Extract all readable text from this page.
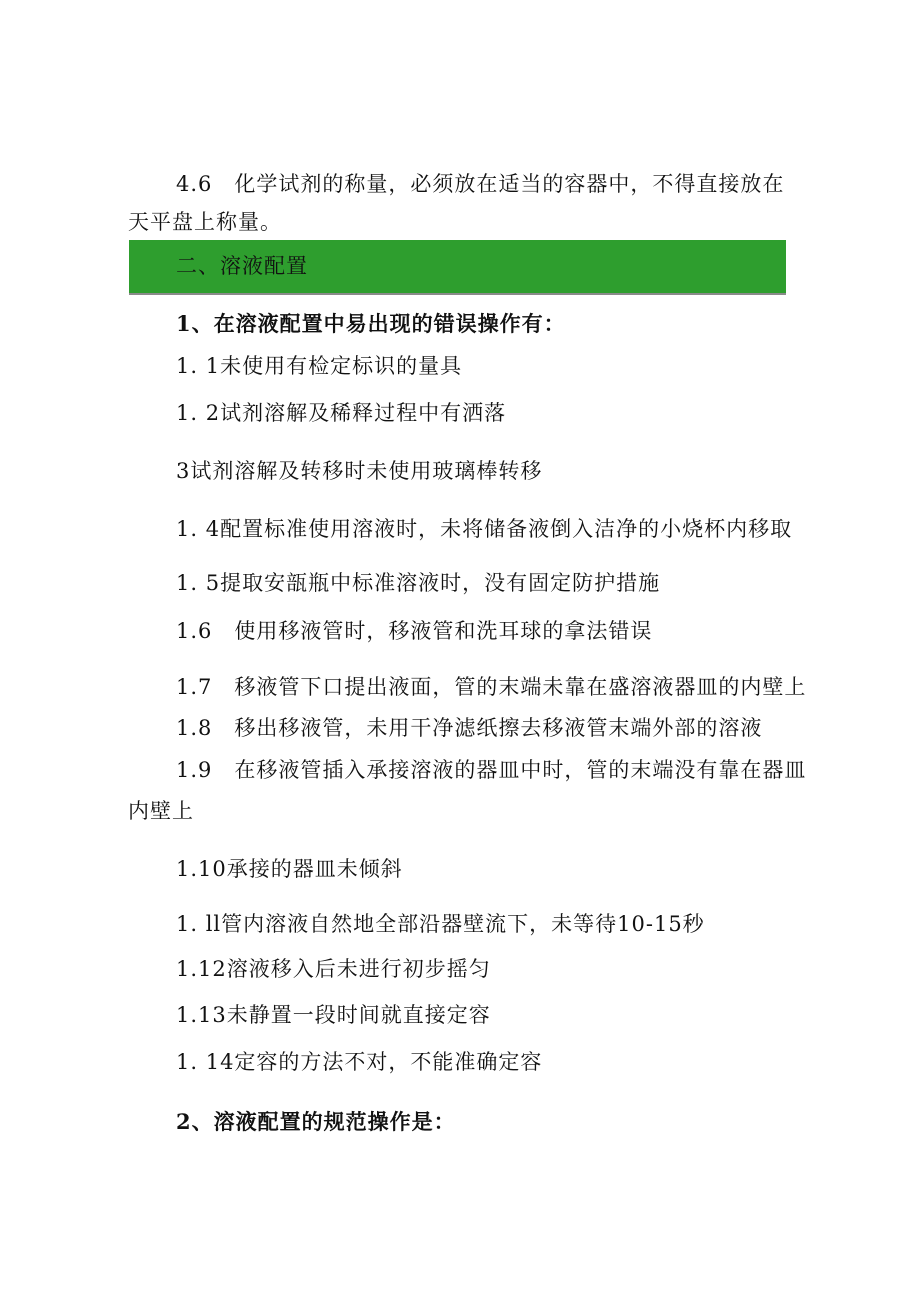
4.6　化学试剂的称量，必须放在适当的容器中，不得直接放在
天平盘上称量。
二、溶液配置
1、在溶液配置中易出现的错误操作有：
1. 1未使用有检定标识的量具
1. 2试剂溶解及稀释过程中有洒落
3试剂溶解及转移时未使用玻璃棒转移
1. 4配置标准使用溶液时，未将储备液倒入洁净的小烧杯内移取
1. 5提取安瓿瓶中标准溶液时，没有固定防护措施
1.6　使用移液管时，移液管和洗耳球的拿法错误
1.7　移液管下口提出液面，管的末端未靠在盛溶液器皿的内壁上
1.8　移出移液管，未用干净滤纸擦去移液管末端外部的溶液
1.9　在移液管插入承接溶液的器皿中时，管的末端没有靠在器皿
内壁上
1.10承接的器皿未倾斜
1. ll管内溶液自然地全部沿器壁流下，未等待10-15秒
1.12溶液移入后未进行初步摇匀
1.13未静置一段时间就直接定容
1. 14定容的方法不对，不能准确定容
2、溶液配置的规范操作是：
